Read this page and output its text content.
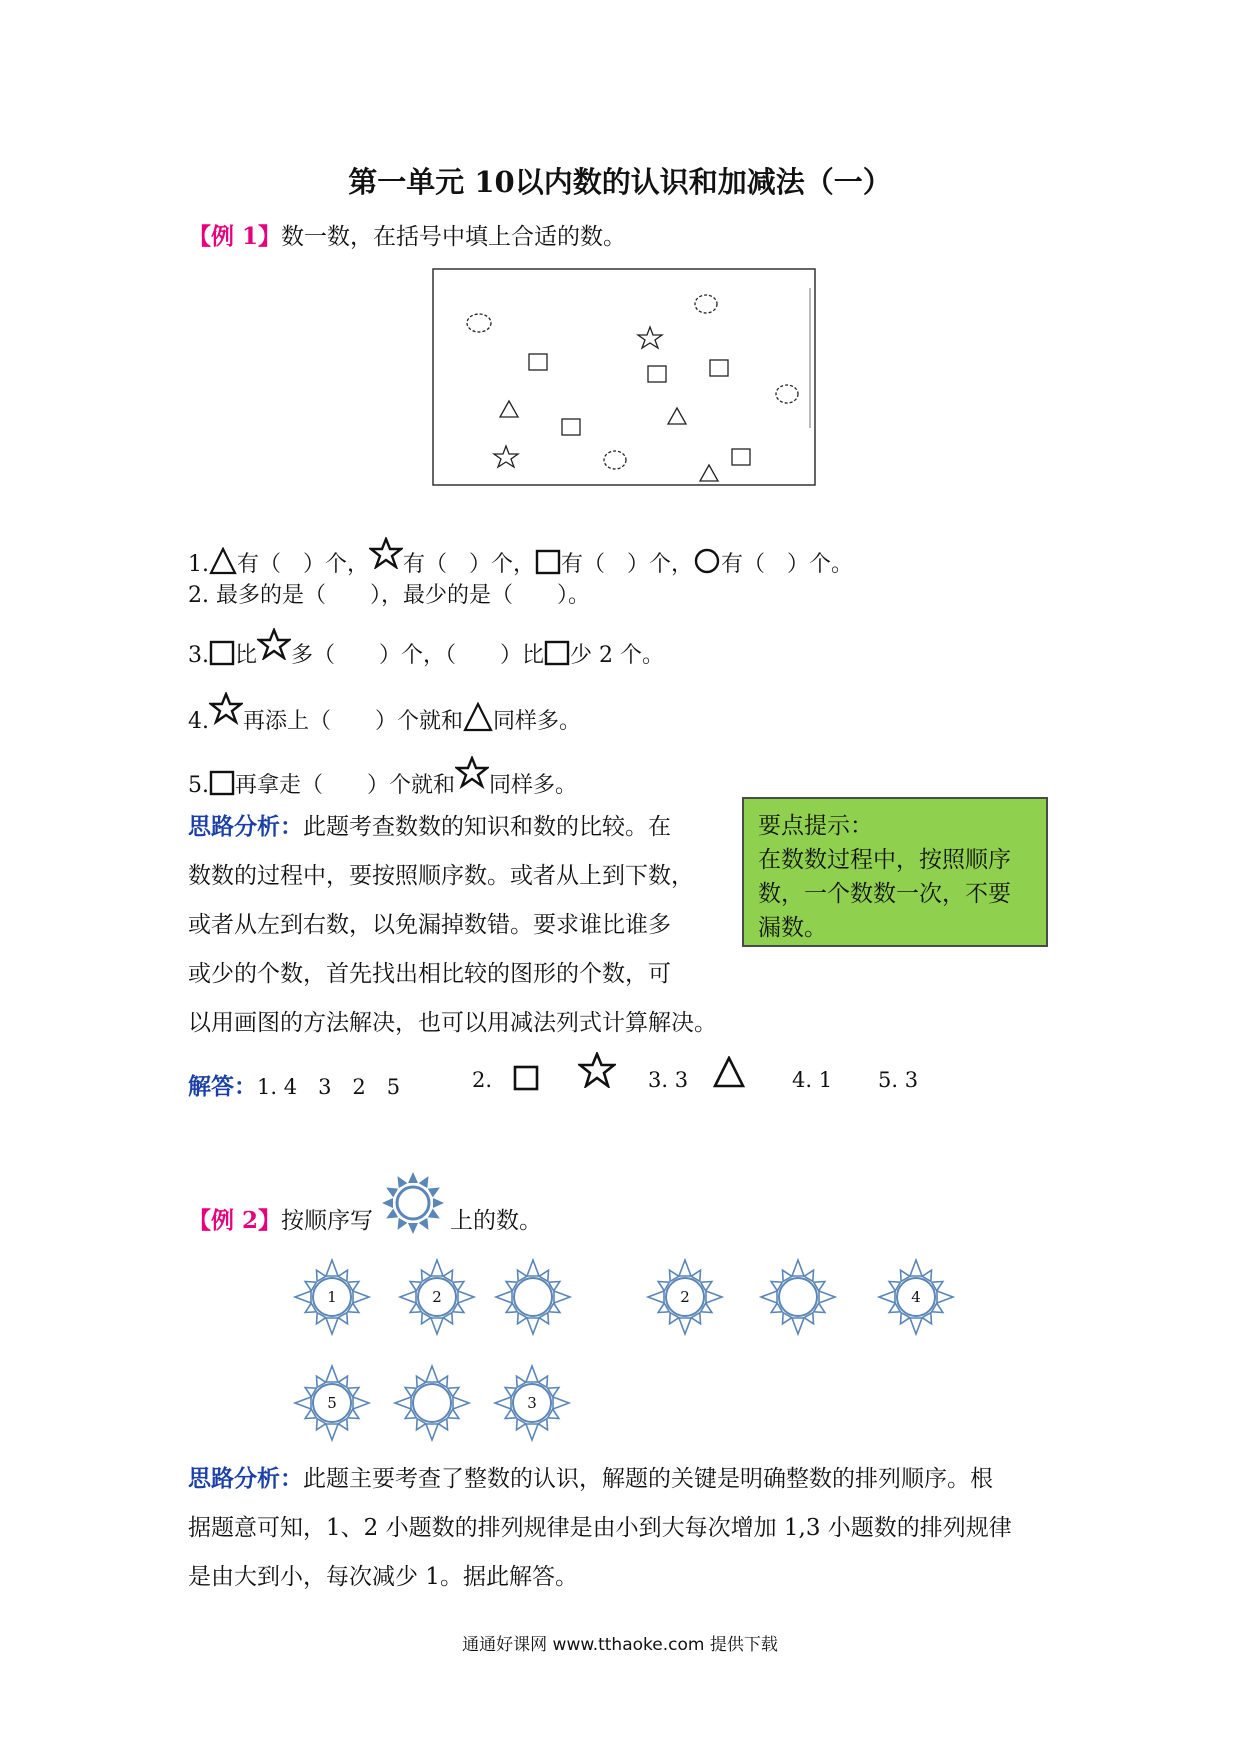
第一单元 10以内数的认识和加减法（一）
【例 1】数一数，在括号中填上合适的数。
1. 有（　）个， 有（　）个， 有（　）个， 有（　）个。
2. 最多的是（　　），最少的是（　　）。
3. 比 多（　　）个，（　　）比 少 2 个。
4. 再添上（　　）个就和 同样多。
5. 再拿走（　　）个就和 同样多。
思路分析：此题考查数数的知识和数的比较。在
数数的过程中，要按照顺序数。或者从上到下数，
或者从左到右数，以免漏掉数错。要求谁比谁多
或少的个数，首先找出相比较的图形的个数，可
以用画图的方法解决，也可以用减法列式计算解决。
要点提示：
在数数过程中，按照顺序数，一个数数一次，不要漏数。
解答：1. 4　3　2　5	2.	3. 3	4. 1 5. 3
【例 2】按顺序写	上的数。
1	2	2	4
5	3
思路分析：此题主要考查了整数的认识，解题的关键是明确整数的排列顺序。根
据题意可知，1、2 小题数的排列规律是由小到大每次增加 1,3 小题数的排列规律
是由大到小，每次减少 1。据此解答。
通通好课网 www.tthaoke.com 提供下载
